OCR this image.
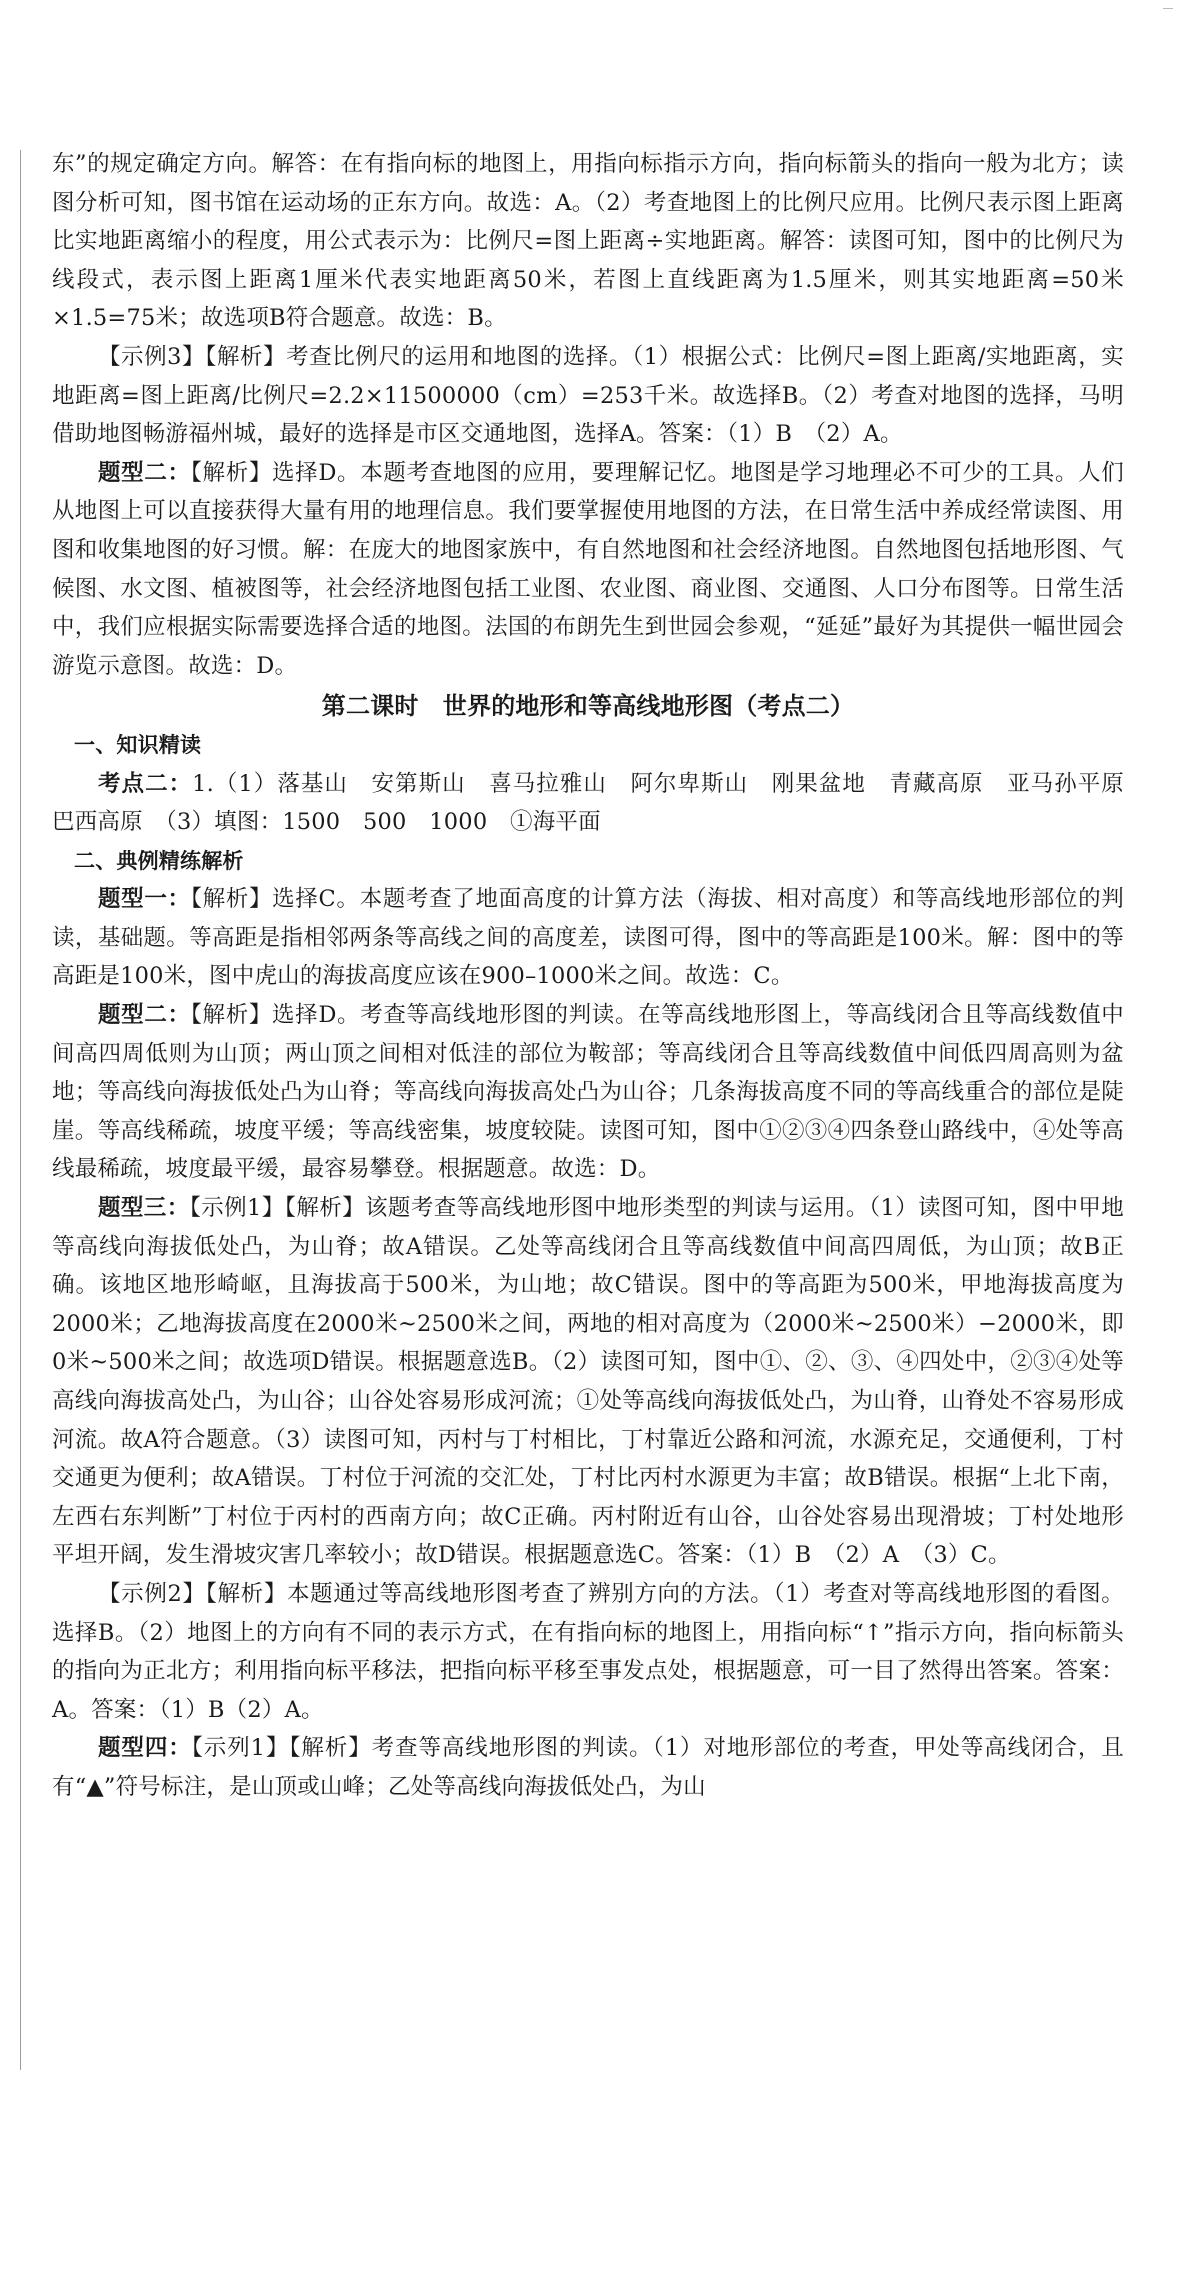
东”的规定确定方向。解答：在有指向标的地图上，用指向标指示方向，指向标箭头的指向一般为北方；读图分析可知，图书馆在运动场的正东方向。故选：A。（2）考查地图上的比例尺应用。比例尺表示图上距离比实地距离缩小的程度，用公式表示为：比例尺=图上距离÷实地距离。解答：读图可知，图中的比例尺为线段式，表示图上距离1厘米代表实地距离50米，若图上直线距离为1.5厘米，则其实地距离=50米×1.5=75米；故选项B符合题意。故选：B。

【示例3】【解析】考查比例尺的运用和地图的选择。（1）根据公式：比例尺=图上距离/实地距离，实地距离=图上距离/比例尺=2.2×11500000（cm）=253千米。故选择B。（2）考查对地图的选择，马明借助地图畅游福州城，最好的选择是市区交通地图，选择A。答案：（1）B　（2）A。

题型二：【解析】选择D。本题考查地图的应用，要理解记忆。地图是学习地理必不可少的工具。人们从地图上可以直接获得大量有用的地理信息。我们要掌握使用地图的方法，在日常生活中养成经常读图、用图和收集地图的好习惯。解：在庞大的地图家族中，有自然地图和社会经济地图。自然地图包括地形图、气候图、水文图、植被图等，社会经济地图包括工业图、农业图、商业图、交通图、人口分布图等。日常生活中，我们应根据实际需要选择合适的地图。法国的布朗先生到世园会参观，“延延”最好为其提供一幅世园会游览示意图。故选：D。

第二课时　世界的地形和等高线地形图（考点二）

一、知识精读

考点二：1.（1）落基山　安第斯山　喜马拉雅山　阿尔卑斯山　刚果盆地　青藏高原　亚马孙平原　巴西高原　（3）填图：1500　500　1000　①海平面

二、典例精练解析

题型一：【解析】选择C。本题考查了地面高度的计算方法（海拔、相对高度）和等高线地形部位的判读，基础题。等高距是指相邻两条等高线之间的高度差，读图可得，图中的等高距是100米。解：图中的等高距是100米，图中虎山的海拔高度应该在900–1000米之间。故选：C。

题型二：【解析】选择D。考查等高线地形图的判读。在等高线地形图上，等高线闭合且等高线数值中间高四周低则为山顶；两山顶之间相对低洼的部位为鞍部；等高线闭合且等高线数值中间低四周高则为盆地；等高线向海拔低处凸为山脊；等高线向海拔高处凸为山谷；几条海拔高度不同的等高线重合的部位是陡崖。等高线稀疏，坡度平缓；等高线密集，坡度较陡。读图可知，图中①②③④四条登山路线中，④处等高线最稀疏，坡度最平缓，最容易攀登。根据题意。故选：D。

题型三：【示例1】【解析】该题考查等高线地形图中地形类型的判读与运用。（1）读图可知，图中甲地等高线向海拔低处凸，为山脊；故A错误。乙处等高线闭合且等高线数值中间高四周低，为山顶；故B正确。该地区地形崎岖，且海拔高于500米，为山地；故C错误。图中的等高距为500米，甲地海拔高度为2000米；乙地海拔高度在2000米~2500米之间，两地的相对高度为（2000米~2500米）−2000米，即0米~500米之间；故选项D错误。根据题意选B。（2）读图可知，图中①、②、③、④四处中，②③④处等高线向海拔高处凸，为山谷；山谷处容易形成河流；①处等高线向海拔低处凸，为山脊，山脊处不容易形成河流。故A符合题意。（3）读图可知，丙村与丁村相比，丁村靠近公路和河流，水源充足，交通便利，丁村交通更为便利；故A错误。丁村位于河流的交汇处，丁村比丙村水源更为丰富；故B错误。根据“上北下南，左西右东判断”丁村位于丙村的西南方向；故C正确。丙村附近有山谷，山谷处容易出现滑坡；丁村处地形平坦开阔，发生滑坡灾害几率较小；故D错误。根据题意选C。答案：（1）B　（2）A　（3）C。

【示例2】【解析】本题通过等高线地形图考查了辨别方向的方法。（1）考查对等高线地形图的看图。选择B。（2）地图上的方向有不同的表示方式，在有指向标的地图上，用指向标“↑”指示方向，指向标箭头的指向为正北方；利用指向标平移法，把指向标平移至事发点处，根据题意，可一目了然得出答案。答案：A。答案：（1）B（2）A。

题型四：【示列1】【解析】考查等高线地形图的判读。（1）对地形部位的考查，甲处等高线闭合，且有“▲”符号标注，是山顶或山峰；乙处等高线向海拔低处凸，为山
